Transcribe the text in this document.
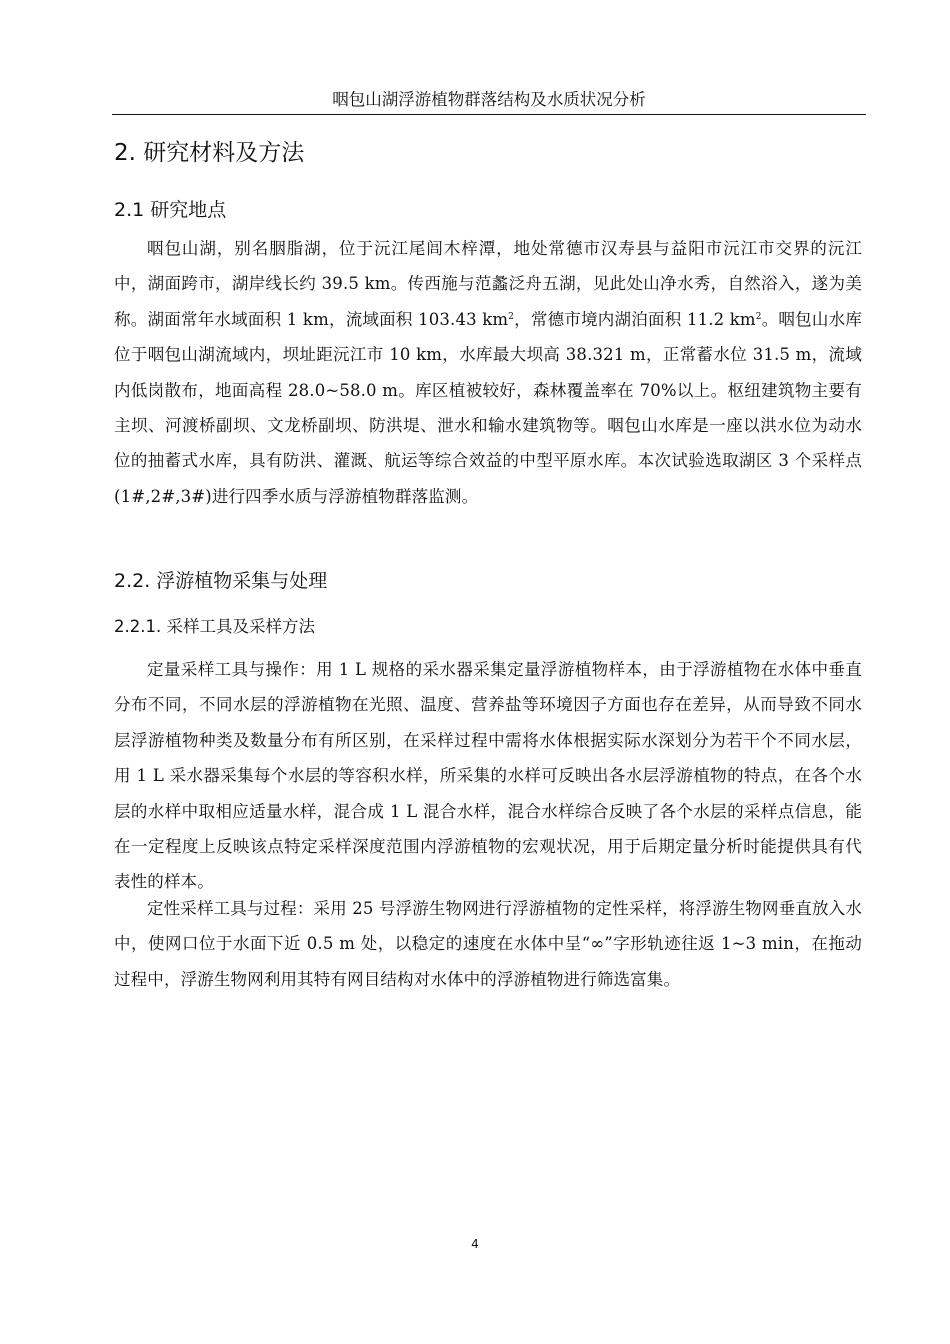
咽包山湖浮游植物群落结构及水质状况分析
2. 研究材料及方法
2.1 研究地点
咽包山湖，别名胭脂湖，位于沅江尾闾木梓潭，地处常德市汉寿县与益阳市沅江市交界的沅江中，湖面跨市，湖岸线长约 39.5 km。传西施与范蠡泛舟五湖，见此处山净水秀，自然浴入，遂为美称。湖面常年水域面积 1 km，流域面积 103.43 $km^2$，常德市境内湖泊面积 11.2 $km^2$。咽包山水库位于咽包山湖流域内，坝址距沅江市 10 km，水库最大坝高 38.321 m，正常蓄水位 31.5 m，流域内低岗散布，地面高程 28.0~58.0 m。库区植被较好，森林覆盖率在 70%以上。枢纽建筑物主要有主坝、河渡桥副坝、文龙桥副坝、防洪堤、泄水和输水建筑物等。咽包山水库是一座以洪水位为动水位的抽蓄式水库，具有防洪、灌溉、航运等综合效益的中型平原水库。本次试验选取湖区 3 个采样点(1#,2#,3#)进行四季水质与浮游植物群落监测。
2.2. 浮游植物采集与处理
2.2.1. 采样工具及采样方法
定量采样工具与操作：用 1 L 规格的采水器采集定量浮游植物样本，由于浮游植物在水体中垂直分布不同，不同水层的浮游植物在光照、温度、营养盐等环境因子方面也存在差异，从而导致不同水层浮游植物种类及数量分布有所区别，在采样过程中需将水体根据实际水深划分为若干个不同水层，用 1 L 采水器采集每个水层的等容积水样，所采集的水样可反映出各水层浮游植物的特点，在各个水层的水样中取相应适量水样，混合成 1 L 混合水样，混合水样综合反映了各个水层的采样点信息，能在一定程度上反映该点特定采样深度范围内浮游植物的宏观状况，用于后期定量分析时能提供具有代表性的样本。
定性采样工具与过程：采用 25 号浮游生物网进行浮游植物的定性采样，将浮游生物网垂直放入水中，使网口位于水面下近 0.5 m 处，以稳定的速度在水体中呈“∞”字形轨迹往返 1~3 min，在拖动过程中，浮游生物网利用其特有网目结构对水体中的浮游植物进行筛选富集。
4
